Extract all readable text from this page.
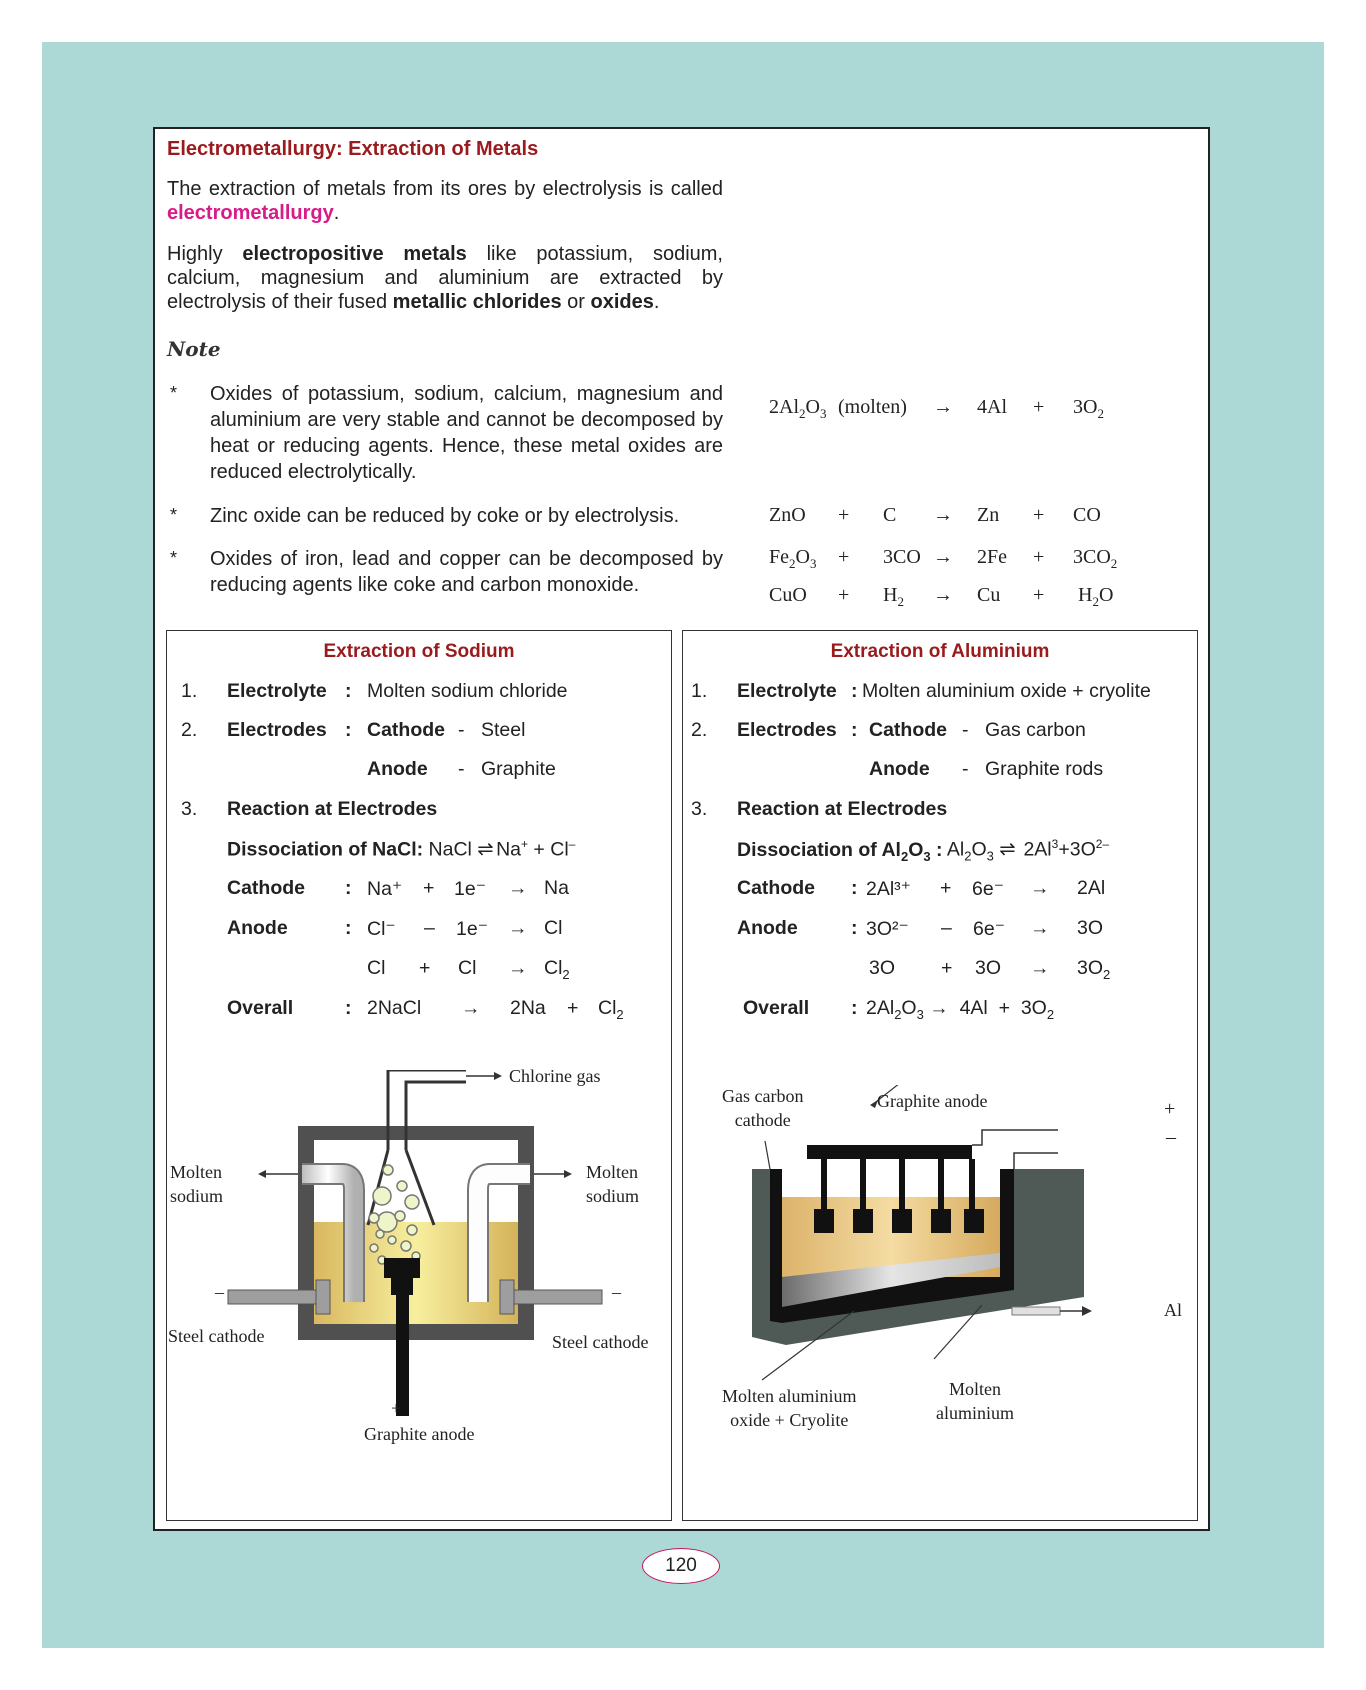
Electrometallurgy: Extraction of Metals
The extraction of metals from its ores by electrolysis is called electrometallurgy.
Highly electropositive metals like potassium, sodium, calcium, magnesium and aluminium are extracted by electrolysis of their fused metallic chlorides or oxides.
Note
* Oxides of potassium, sodium, calcium, magnesium and aluminium are very stable and cannot be decomposed by heat or reducing agents. Hence, these metal oxides are reduced electrolytically.
* Zinc oxide can be reduced by coke or by electrolysis.
* Oxides of iron, lead and copper can be decomposed by reducing agents like coke and carbon monoxide.
$2Al_2O_3$ (molten) → $4Al + 3O_2$
ZnO + C → Zn + CO
$Fe_2O_3 + 3CO \to 2Fe + 3CO_2$
CuO + $H_2 \to Cu + H_2O$
Extraction of Sodium
1. Electrolyte : Molten sodium chloride
2. Electrodes : Cathode - Steel
Anode - Graphite
3. Reaction at Electrodes
Dissociation of NaCl: NaCl ⇌ Na+ + Cl–
Cathode : Na⁺ + 1e⁻ → Na
Anode	: Cl⁻ – 1e⁻ → Cl
$Cl + Cl \to Cl_2$
Overall	: 2NaCl → $2Na + Cl_2$
Chlorine gas
Molten
sodium
Molten
sodium
–	–
Steel cathode	Steel cathode
+
Graphite anode
Extraction of Aluminium
1. Electrolyte : Molten aluminium oxide + cryolite
2. Electrodes : Cathode - Gas carbon
Anode - Graphite rods
3. Reaction at Electrodes
Dissociation of $Al_2O_3$ : $Al_2O_3$ ⇌  $2Al^3+3O^{2-}$
Cathode : 2Al³⁺ + 6e⁻ → 2Al
Anode	: 3O²⁻ – 6e⁻ → 3O
$3O + 3O \to 3O_2$
Overall : $2Al_2O_3 \to 4Al + 3O_2$
Gas carbon
cathode
Graphite anode	+
–
Al
Molten aluminium
oxide + Cryolite
Molten
aluminium
120
